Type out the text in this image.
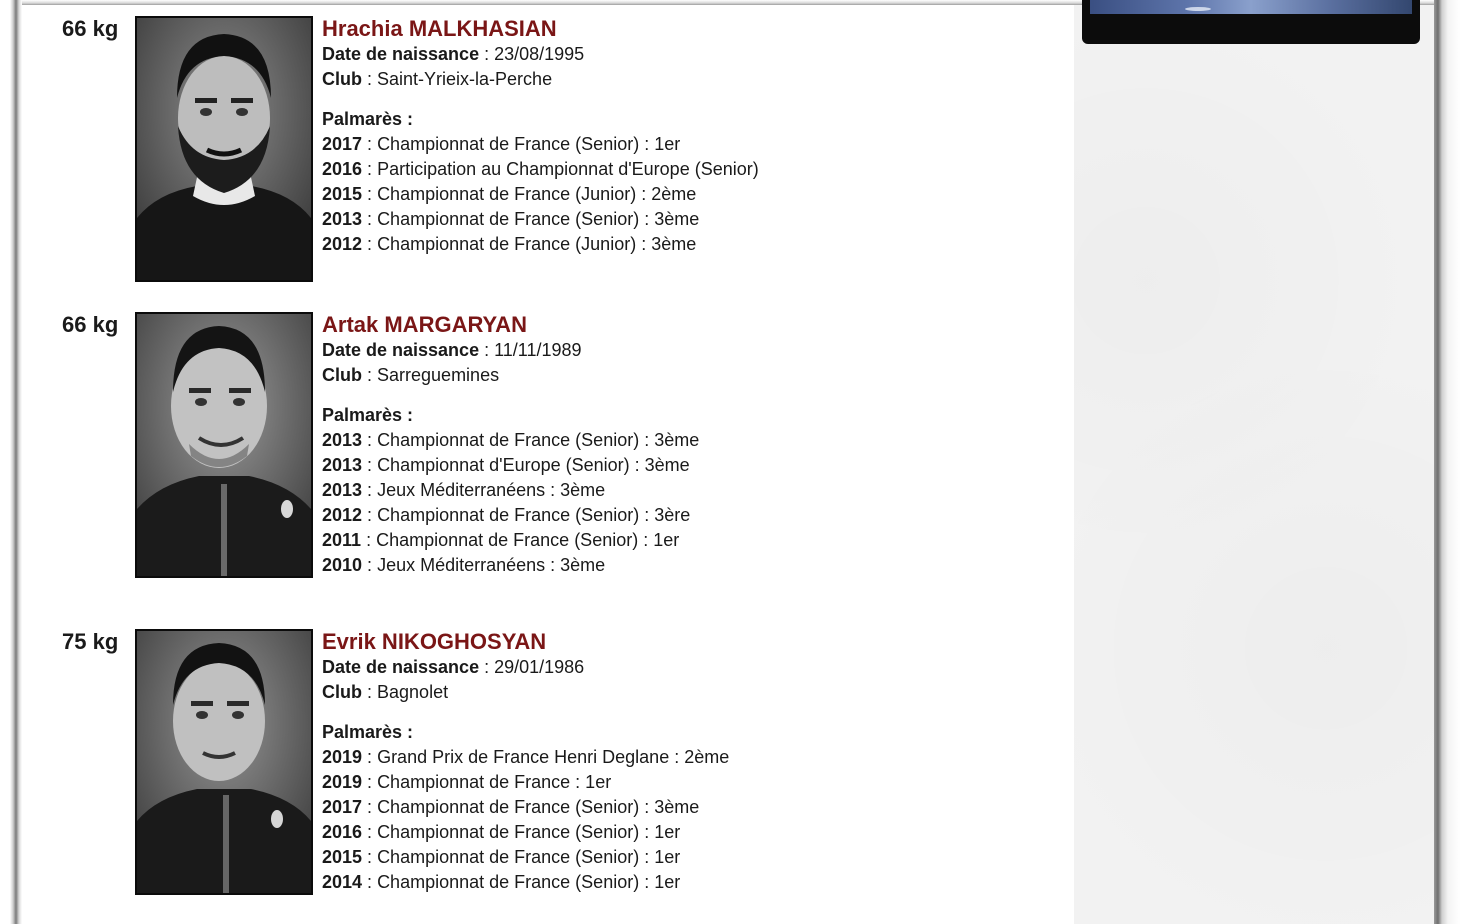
66 kg	Hrachia MALKHASIAN
Date de naissance : 23/08/1995
Club : Saint-Yrieix-la-Perche
Palmarès :
2017 : Championnat de France (Senior) : 1er
2016 : Participation au Championnat d'Europe (Senior)
2015 : Championnat de France (Junior) : 2ème
2013 : Championnat de France (Senior) : 3ème
2012 : Championnat de France (Junior) : 3ème
66 kg	Artak MARGARYAN
Date de naissance : 11/11/1989
Club : Sarreguemines
Palmarès :
2013 : Championnat de France (Senior) : 3ème
2013 : Championnat d'Europe (Senior) : 3ème
2013 : Jeux Méditerranéens : 3ème
2012 : Championnat de France (Senior) : 3ère
2011 : Championnat de France (Senior) : 1er
2010 : Jeux Méditerranéens : 3ème
75 kg	Evrik NIKOGHOSYAN
Date de naissance : 29/01/1986
Club : Bagnolet
Palmarès :
2019 : Grand Prix de France Henri Deglane : 2ème
2019 : Championnat de France : 1er
2017 : Championnat de France (Senior) : 3ème
2016 : Championnat de France (Senior) : 1er
2015 : Championnat de France (Senior) : 1er
2014 : Championnat de France (Senior) : 1er
